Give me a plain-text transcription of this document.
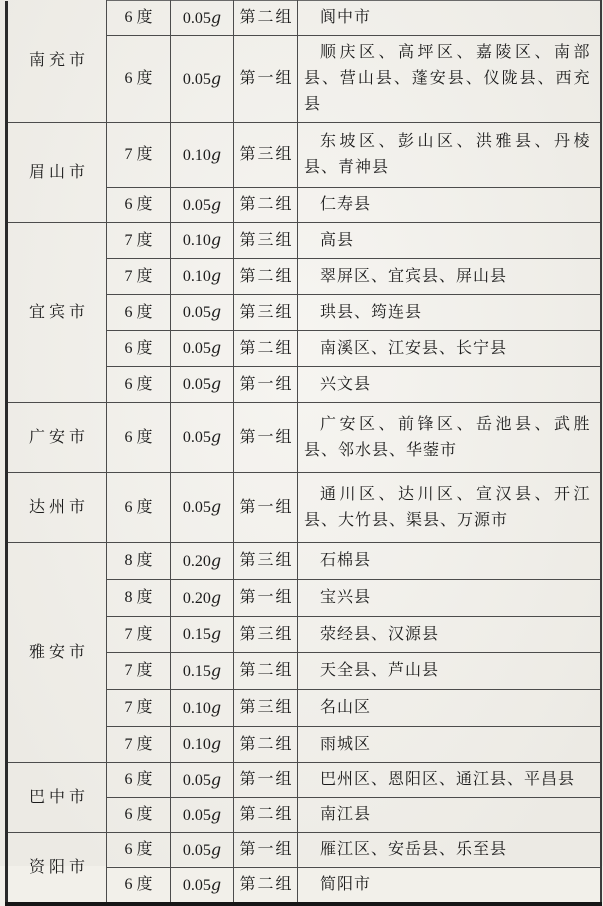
南充市	6 度	0.05g	第二组	阆中市
	6 度	0.05g	第一组	顺庆区、高坪区、嘉陵区、南部县、营山县、蓬安县、仪陇县、西充县
眉山市	7 度	0.10g	第三组	东坡区、彭山区、洪雅县、丹棱县、青神县
	6 度	0.05g	第二组	仁寿县
宜宾市	7 度	0.10g	第三组	高县
	7 度	0.10g	第二组	翠屏区、宜宾县、屏山县
	6 度	0.05g	第三组	珙县、筠连县
	6 度	0.05g	第二组	南溪区、江安县、长宁县
	6 度	0.05g	第一组	兴文县
广安市	6 度	0.05g	第一组	广安区、前锋区、岳池县、武胜县、邻水县、华蓥市
达州市	6 度	0.05g	第一组	通川区、达川区、宣汉县、开江县、大竹县、渠县、万源市
雅安市	8 度	0.20g	第三组	石棉县
	8 度	0.20g	第一组	宝兴县
	7 度	0.15g	第三组	荥经县、汉源县
	7 度	0.15g	第二组	天全县、芦山县
	7 度	0.10g	第三组	名山区
	7 度	0.10g	第二组	雨城区
巴中市	6 度	0.05g	第一组	巴州区、恩阳区、通江县、平昌县
	6 度	0.05g	第二组	南江县
资阳市	6 度	0.05g	第一组	雁江区、安岳县、乐至县
	6 度	0.05g	第二组	简阳市
